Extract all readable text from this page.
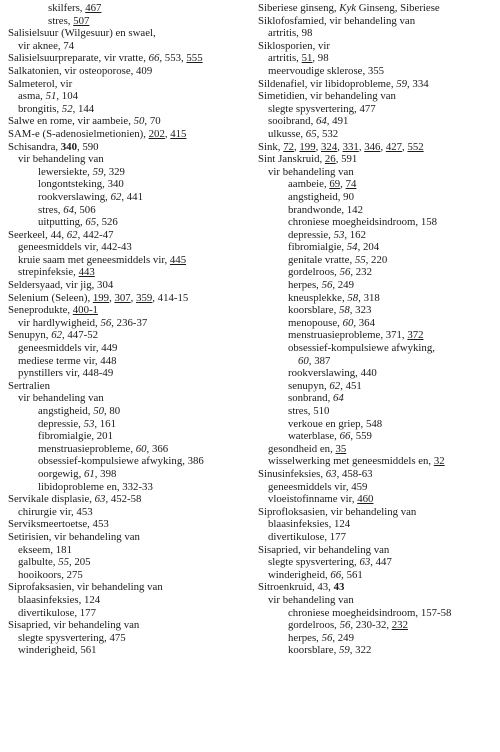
skilfers, 467
stres, 507
Salisielsuur (Wilgesuur) en swael,
vir aknee, 74
Salisielsuurpreparate, vir vratte, 66, 553, 555
Salkatonien, vir osteoporose, 409
Salmeterol, vir
asma, 51, 104
brongitis, 52, 144
Salwe en rome, vir aambeie, 50, 70
SAM-e (S-adenosielmetionien), 202, 415
Schisandra, 340, 590
vir behandeling van
lewersiekte, 59, 329
longontsteking, 340
rookverslawing, 62, 441
stres, 64, 506
uitputting, 65, 526
Seerkeel, 44, 62, 442-47
geneesmiddels vir, 442-43
kruie saam met geneesmiddels vir, 445
strepinfeksie, 443
Seldersyaad, vir jig, 304
Selenium (Seleen), 199, 307, 359, 414-15
Seneprodukte, 400-1
vir hardlywigheid, 56, 236-37
Senupyn, 62, 447-52
geneesmiddels vir, 449
mediese terme vir, 448
pynstillers vir, 448-49
Sertralien
vir behandeling van
angstigheid, 50, 80
depressie, 53, 161
fibromialgie, 201
menstruasieprobleme, 60, 366
obsessief-kompulsiewe afwyking, 386
oorgewig, 61, 398
libidoprobleme en, 332-33
Servikale displasie, 63, 452-58
chirurgie vir, 453
Serviksmeertoetse, 453
Setirisien, vir behandeling van
ekseem, 181
galbulte, 55, 205
hooikoors, 275
Siprofaksasien, vir behandeling van
blaasinfeksies, 124
divertikulose, 177
Sisapried, vir behandeling van
slegte spysvertering, 475
winderigheid, 561
Siberiese ginseng, Kyk Ginseng, Siberiese
Siklofosfamied, vir behandeling van
artritis, 98
Siklosporien, vir
artritis, 51, 98
meervoudige sklerose, 355
Sildenafiel, vir libidoprobleme, 59, 334
Simetidien, vir behandeling van
slegte spysvertering, 477
sooibrand, 64, 491
ulkusse, 65, 532
Sink, 72, 199, 324, 331, 346, 427, 552
Sint Janskruid, 26, 591
vir behandeling van
aambeie, 69, 74
angstigheid, 90
brandwonde, 142
chroniese moegheidsindroom, 158
depressie, 53, 162
fibromialgie, 54, 204
genitale vratte, 55, 220
gordelroos, 56, 232
herpes, 56, 249
kneusplekke, 58, 318
koorsblare, 58, 323
menopouse, 60, 364
menstruasieprobleme, 371, 372
obsessief-kompulsiewe afwyking,
60, 387
rookverslawing, 440
senupyn, 62, 451
sonbrand, 64
stres, 510
verkoue en griep, 548
waterblase, 66, 559
gesondheid en, 35
wisselwerking met geneesmiddels en, 32
Sinusinfeksies, 63, 458-63
geneesmiddels vir, 459
vloeistofinname vir, 460
Siprofloksasien, vir behandeling van
blaasinfeksies, 124
divertikulose, 177
Sisapried, vir behandeling van
slegte spysvertering, 63, 447
winderigheid, 66, 561
Sitroenkruid, 43, 43
vir behandeling van
chroniese moegheidsindroom, 157-58
gordelroos, 56, 230-32, 232
herpes, 56, 249
koorsblare, 59, 322
